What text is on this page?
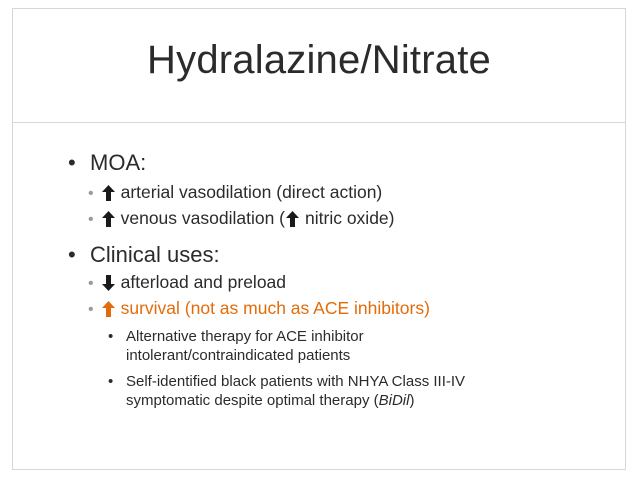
Hydralazine/Nitrate
• MOA:
• arterial vasodilation (direct action)
• venous vasodilation ( nitric oxide)
• Clinical uses:
• afterload and preload
• survival (not as much as ACE inhibitors)
• Alternative therapy for ACE inhibitor
intolerant/contraindicated patients
• Self-identified black patients with NHYA Class III-IV
symptomatic despite optimal therapy (BiDil)
